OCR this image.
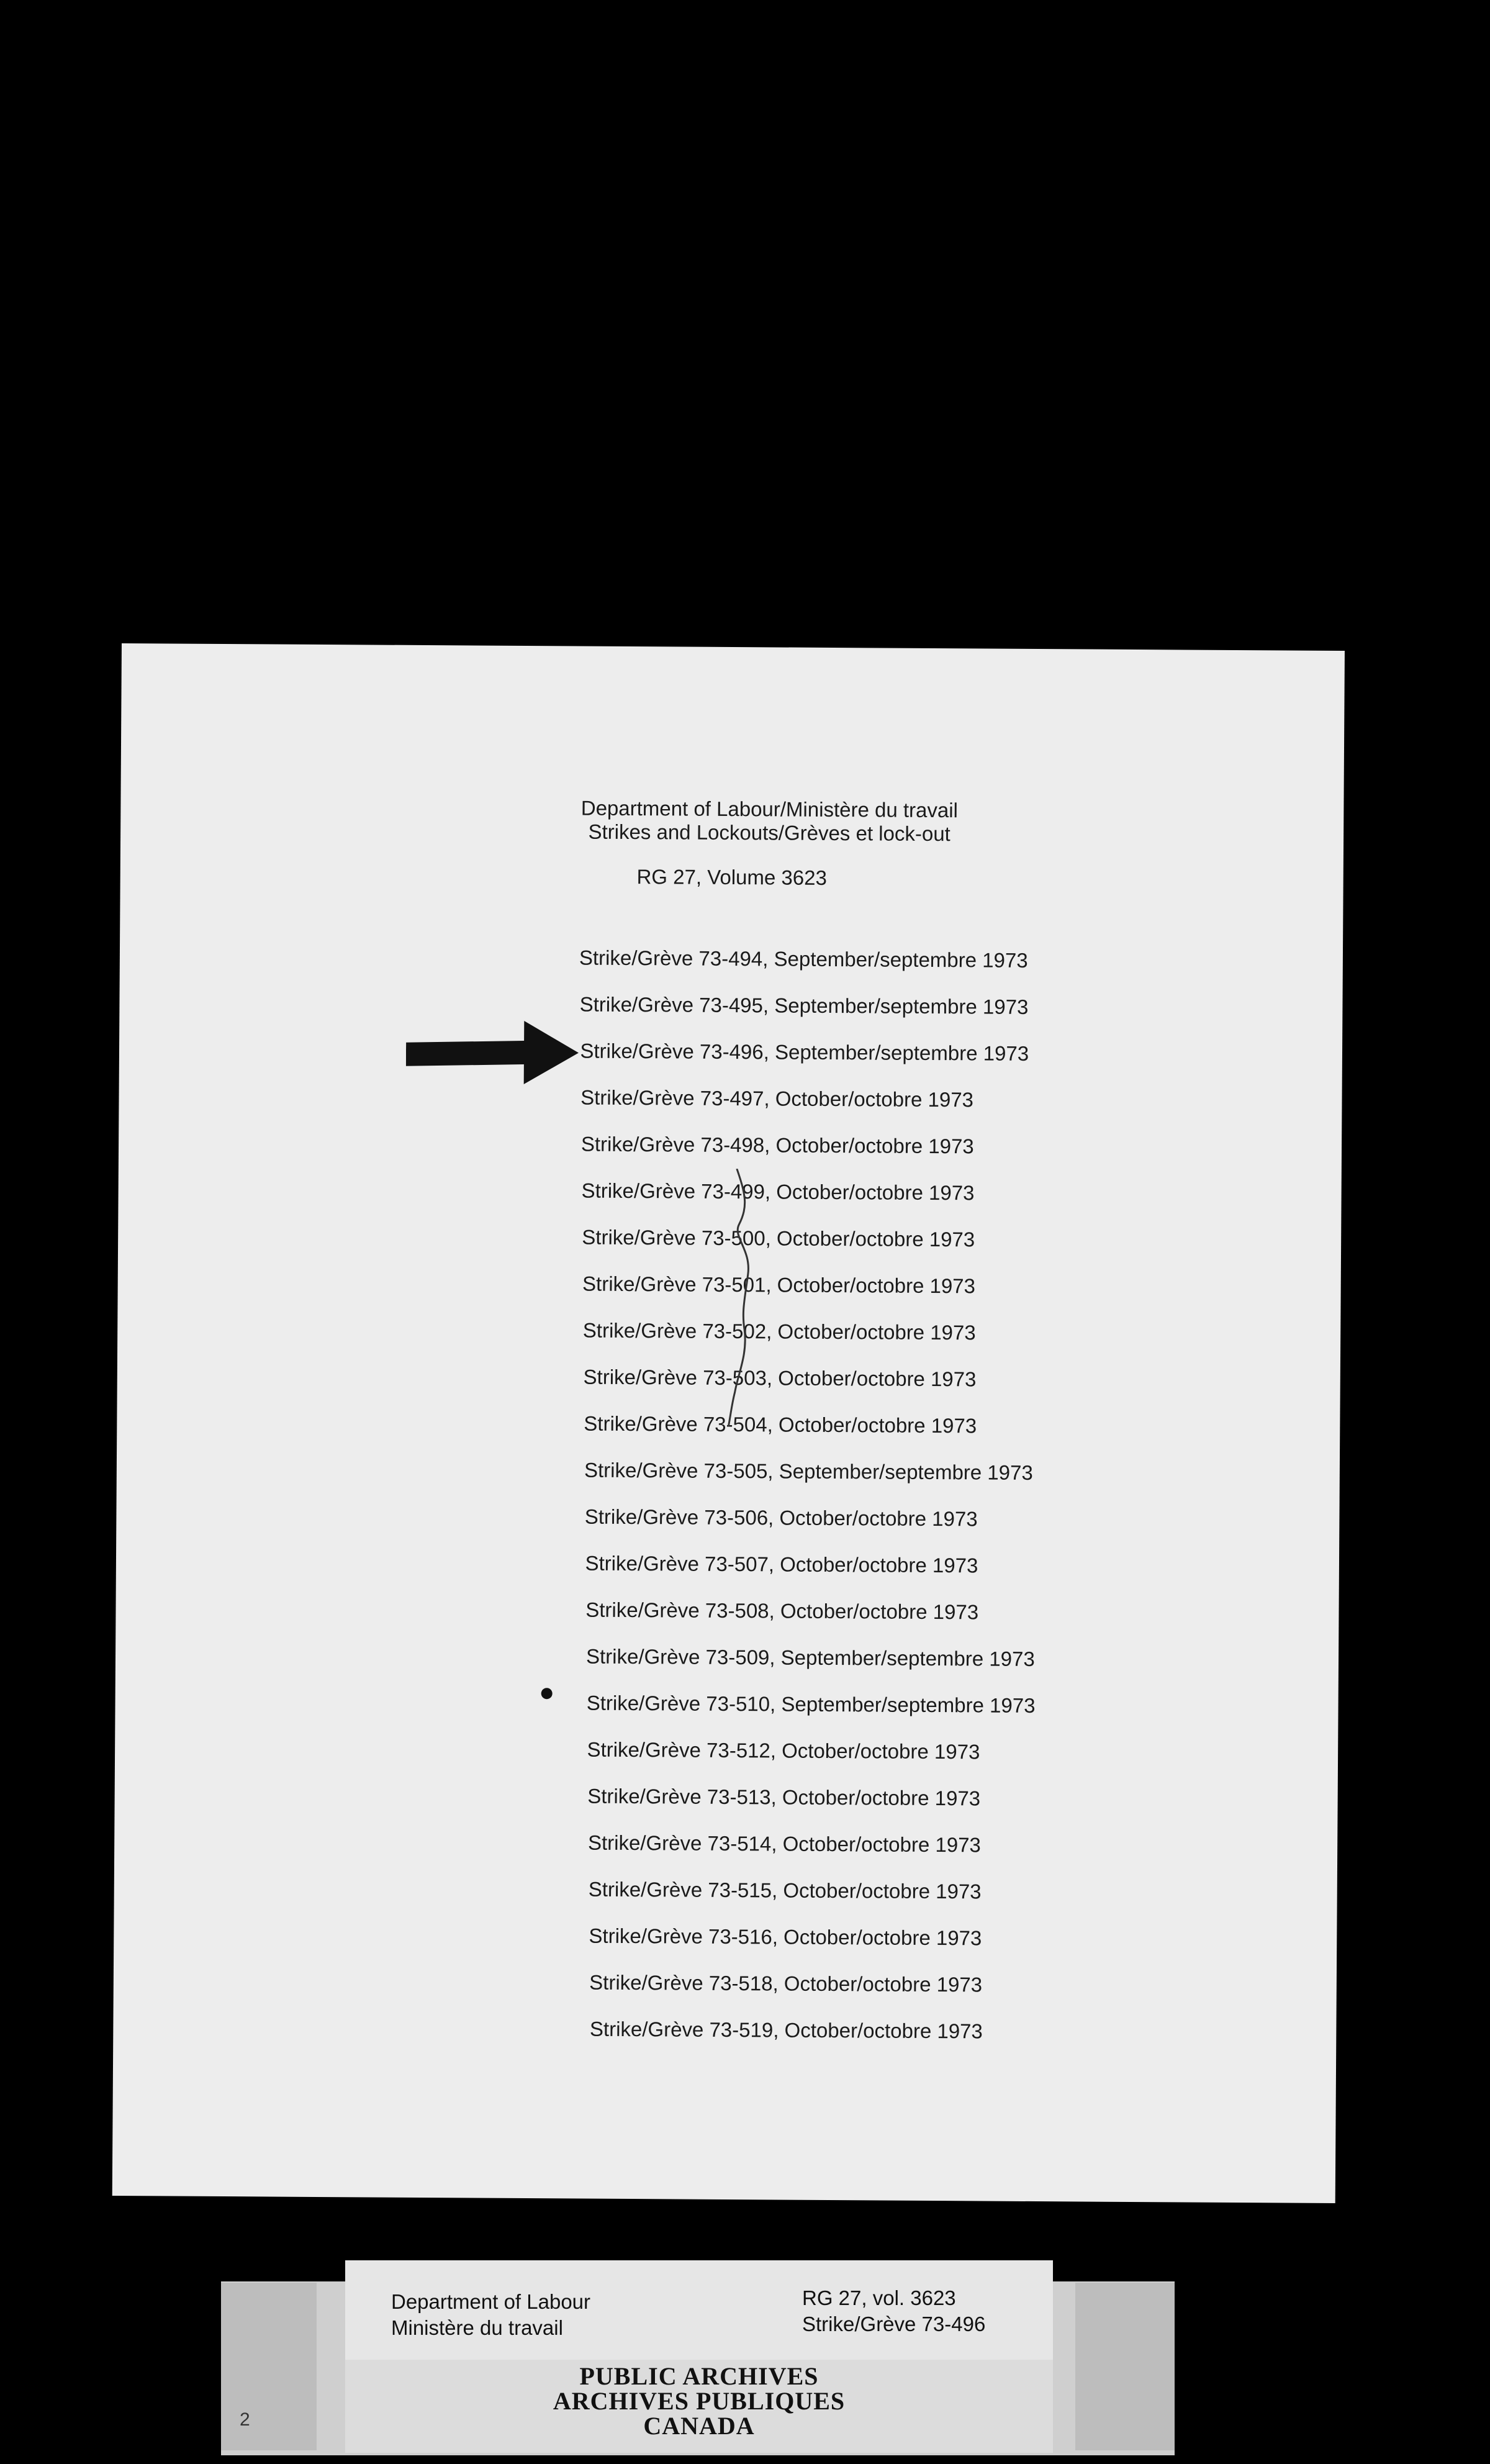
Department of Labour/Ministère du travail
Strikes and Lockouts/Grèves et lock-out
RG 27, Volume 3623
Strike/Grève 73-494, September/septembre 1973
Strike/Grève 73-495, September/septembre 1973
Strike/Grève 73-496, September/septembre 1973
Strike/Grève 73-497, October/octobre 1973
Strike/Grève 73-498, October/octobre 1973
Strike/Grève 73-499, October/octobre 1973
Strike/Grève 73-500, October/octobre 1973
Strike/Grève 73-501, October/octobre 1973
Strike/Grève 73-502, October/octobre 1973
Strike/Grève 73-503, October/octobre 1973
Strike/Grève 73-504, October/octobre 1973
Strike/Grève 73-505, September/septembre 1973
Strike/Grève 73-506, October/octobre 1973
Strike/Grève 73-507, October/octobre 1973
Strike/Grève 73-508, October/octobre 1973
Strike/Grève 73-509, September/septembre 1973
Strike/Grève 73-510, September/septembre 1973
Strike/Grève 73-512, October/octobre 1973
Strike/Grève 73-513, October/octobre 1973
Strike/Grève 73-514, October/octobre 1973
Strike/Grève 73-515, October/octobre 1973
Strike/Grève 73-516, October/octobre 1973
Strike/Grève 73-518, October/octobre 1973
Strike/Grève 73-519, October/octobre 1973
Department of Labour
Ministère du travail
RG 27, vol. 3623
Strike/Grève 73-496
PUBLIC ARCHIVES
ARCHIVES PUBLIQUES
CANADA
2
